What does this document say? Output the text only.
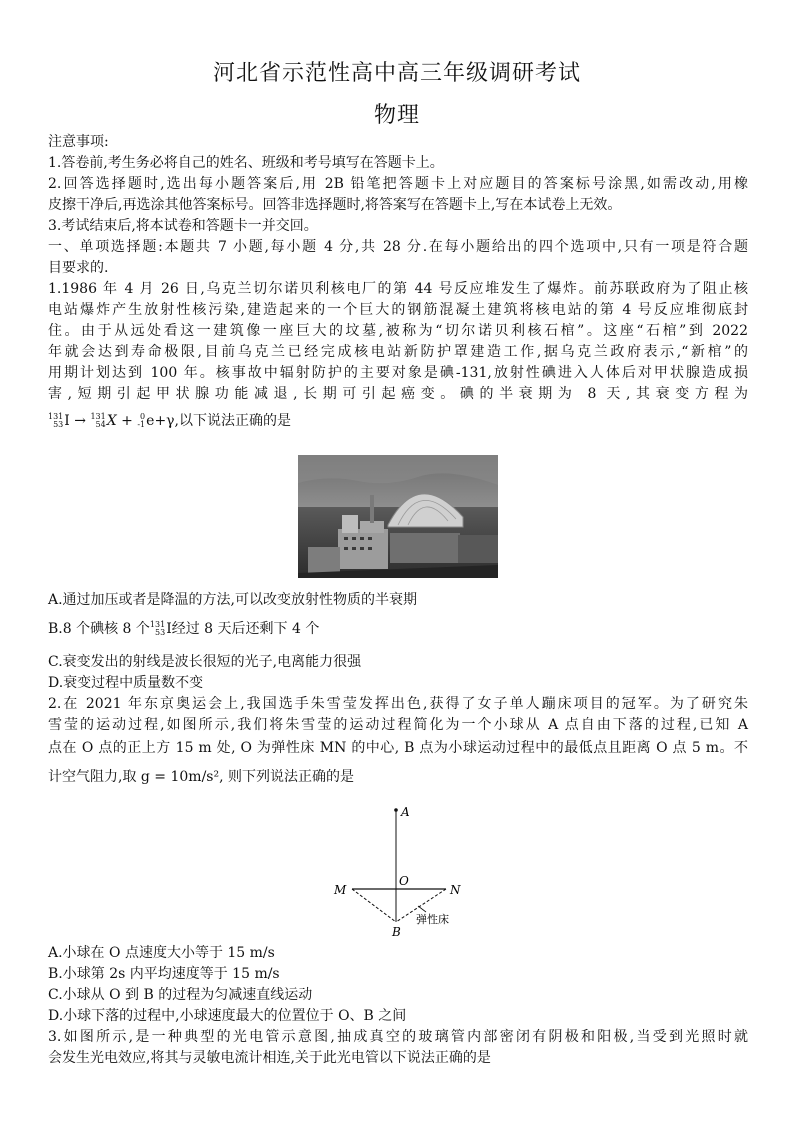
河北省示范性高中高三年级调研考试
物理
注意事项:
1.答卷前,考生务必将自己的姓名、班级和考号填写在答题卡上。
2.回答选择题时,选出每小题答案后,用 2B 铅笔把答题卡上对应题目的答案标号涂黑,如需改动,用橡
皮擦干净后,再选涂其他答案标号。回答非选择题时,将答案写在答题卡上,写在本试卷上无效。
3.考试结束后,将本试卷和答题卡一并交回。
一、单项选择题:本题共 7 小题,每小题 4 分,共 28 分.在每小题给出的四个选项中,只有一项是符合题
目要求的.
1.1986 年 4 月 26 日,乌克兰切尔诺贝利核电厂的第 44 号反应堆发生了爆炸。前苏联政府为了阻止核
电站爆炸产生放射性核污染,建造起来的一个巨大的钢筋混凝土建筑将核电站的第 4 号反应堆彻底封
住。由于从远处看这一建筑像一座巨大的坟墓,被称为“切尔诺贝利核石棺”。这座“石棺”到 2022
年就会达到寿命极限,目前乌克兰已经完成核电站新防护罩建造工作,据乌克兰政府表示,“新棺”的
用期计划达到 100 年。核事故中辐射防护的主要对象是碘-131,放射性碘进入人体后对甲状腺造成损
害,短期引起甲状腺功能减退,长期可引起癌变。碘的半衰期为 8 天,其衰变方程为
131
53 I → 131
54 X + 0
-1 e+γ,以下说法正确的是
A.通过加压或者是降温的方法,可以改变放射性物质的半衰期
B.8 个碘核 8 个 131
53 I经过 8 天后还剩下 4 个
C.衰变发出的射线是波长很短的光子,电离能力很强
D.衰变过程中质量数不变
2.在 2021 年东京奥运会上,我国选手朱雪莹发挥出色,获得了女子单人蹦床项目的冠军。为了研究朱
雪莹的运动过程,如图所示,我们将朱雪莹的运动过程简化为一个小球从 A 点自由下落的过程,已知 A
点在 O 点的正上方 15 m 处, O 为弹性床 MN 的中心, B 点为小球运动过程中的最低点且距离 O 点 5 m。不
计空气阻力,取 g = 10m/s², 则下列说法正确的是
A
O
M	N
B
弹性床
A.小球在 O 点速度大小等于 15 m/s
B.小球第 2s 内平均速度等于 15 m/s
C.小球从 O 到 B 的过程为匀减速直线运动
D.小球下落的过程中,小球速度最大的位置位于 O、B 之间
3.如图所示,是一种典型的光电管示意图,抽成真空的玻璃管内部密闭有阴极和阳极,当受到光照时就
会发生光电效应,将其与灵敏电流计相连,关于此光电管以下说法正确的是
